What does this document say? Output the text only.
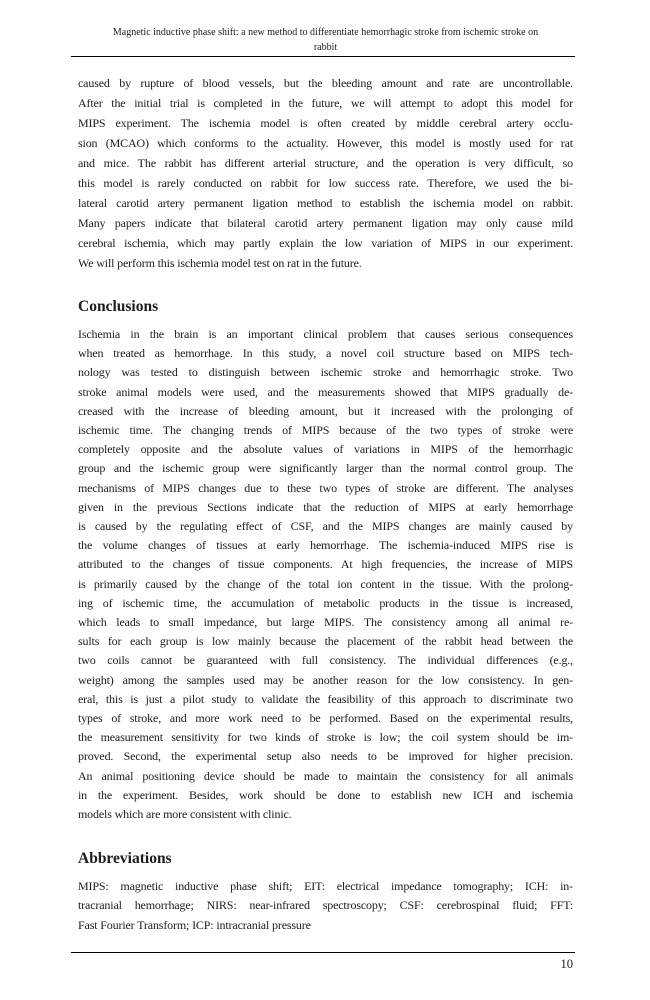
Magnetic inductive phase shift: a new method to differentiate hemorrhagic stroke from ischemic stroke on
rabbit
caused by rupture of blood vessels, but the bleeding amount and rate are uncontrollable.
After the initial trial is completed in the future, we will attempt to adopt this model for
MIPS experiment. The ischemia model is often created by middle cerebral artery occlu-
sion (MCAO) which conforms to the actuality. However, this model is mostly used for rat
and mice. The rabbit has different arterial structure, and the operation is very difficult, so
this model is rarely conducted on rabbit for low success rate. Therefore, we used the bi-
lateral carotid artery permanent ligation method to establish the ischemia model on rabbit.
Many papers indicate that bilateral carotid artery permanent ligation may only cause mild
cerebral ischemia, which may partly explain the low variation of MIPS in our experiment.
We will perform this ischemia model test on rat in the future.
Conclusions
Ischemia in the brain is an important clinical problem that causes serious consequences
when treated as hemorrhage. In this study, a novel coil structure based on MIPS tech-
nology was tested to distinguish between ischemic stroke and hemorrhagic stroke. Two
stroke animal models were used, and the measurements showed that MIPS gradually de-
creased with the increase of bleeding amount, but it increased with the prolonging of
ischemic time. The changing trends of MIPS because of the two types of stroke were
completely opposite and the absolute values of variations in MIPS of the hemorrhagic
group and the ischemic group were significantly larger than the normal control group. The
mechanisms of MIPS changes due to these two types of stroke are different. The analyses
given in the previous Sections indicate that the reduction of MIPS at early hemorrhage
is caused by the regulating effect of CSF, and the MIPS changes are mainly caused by
the volume changes of tissues at early hemorrhage. The ischemia-induced MIPS rise is
attributed to the changes of tissue components. At high frequencies, the increase of MIPS
is primarily caused by the change of the total ion content in the tissue. With the prolong-
ing of ischemic time, the accumulation of metabolic products in the tissue is increased,
which leads to small impedance, but large MIPS. The consistency among all animal re-
sults for each group is low mainly because the placement of the rabbit head between the
two coils cannot be guaranteed with full consistency. The individual differences (e.g.,
weight) among the samples used may be another reason for the low consistency. In gen-
eral, this is just a pilot study to validate the feasibility of this approach to discriminate two
types of stroke, and more work need to be performed. Based on the experimental results,
the measurement sensitivity for two kinds of stroke is low; the coil system should be im-
proved. Second, the experimental setup also needs to be improved for higher precision.
An animal positioning device should be made to maintain the consistency for all animals
in the experiment. Besides, work should be done to establish new ICH and ischemia
models which are more consistent with clinic.
Abbreviations
MIPS: magnetic inductive phase shift; EIT: electrical impedance tomography; ICH: in-
tracranial hemorrhage; NIRS: near-infrared spectroscopy; CSF: cerebrospinal fluid; FFT:
Fast Fourier Transform; ICP: intracranial pressure
10
